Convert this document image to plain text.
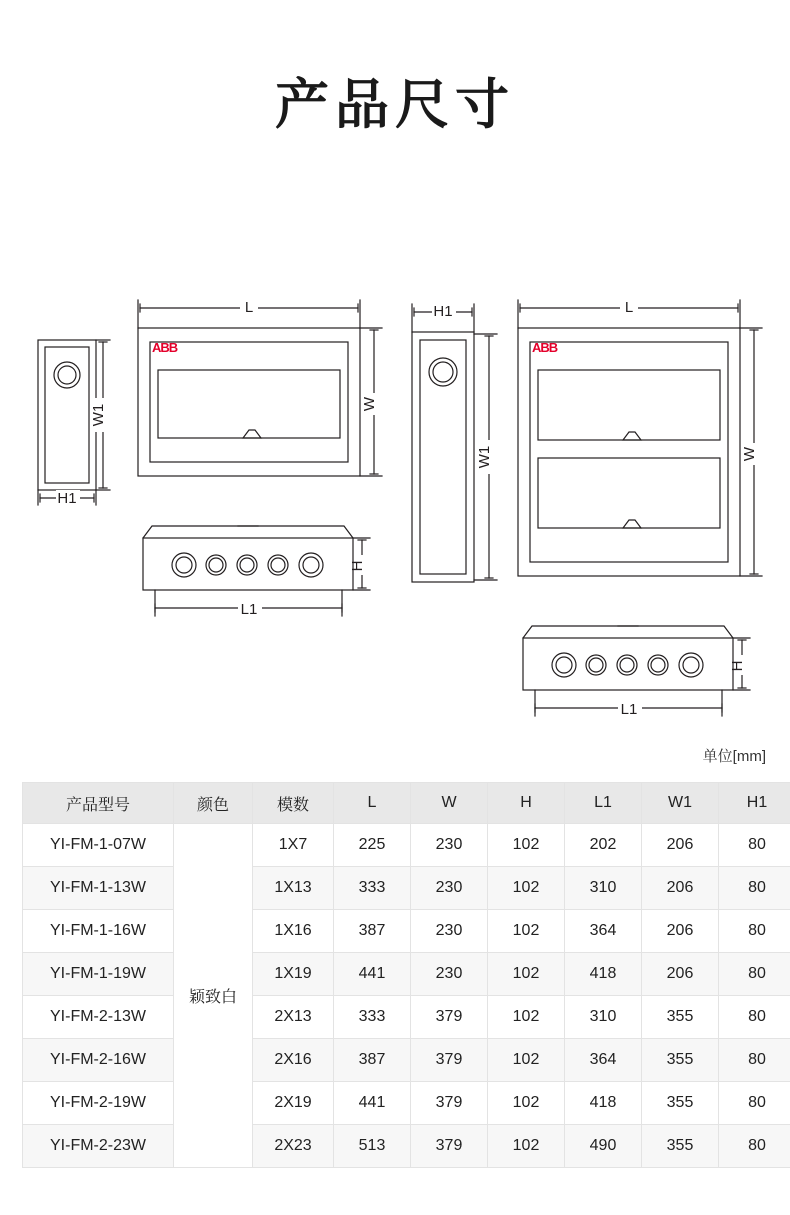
产品尺寸
ABB	ABB
W1
H1
L
W
H
L1
H1
W1
L
W
H
L1
单位[mm]
产品型号	颜色	模数	L	W	H	L1	W1	H1
YI-FM-1-07W	颖致白	1X7	225	230	102	202	206	80
YI-FM-1-13W		1X13	333	230	102	310	206	80
YI-FM-1-16W		1X16	387	230	102	364	206	80
YI-FM-1-19W		1X19	441	230	102	418	206	80
YI-FM-2-13W		2X13	333	379	102	310	355	80
YI-FM-2-16W		2X16	387	379	102	364	355	80
YI-FM-2-19W		2X19	441	379	102	418	355	80
YI-FM-2-23W		2X23	513	379	102	490	355	80
